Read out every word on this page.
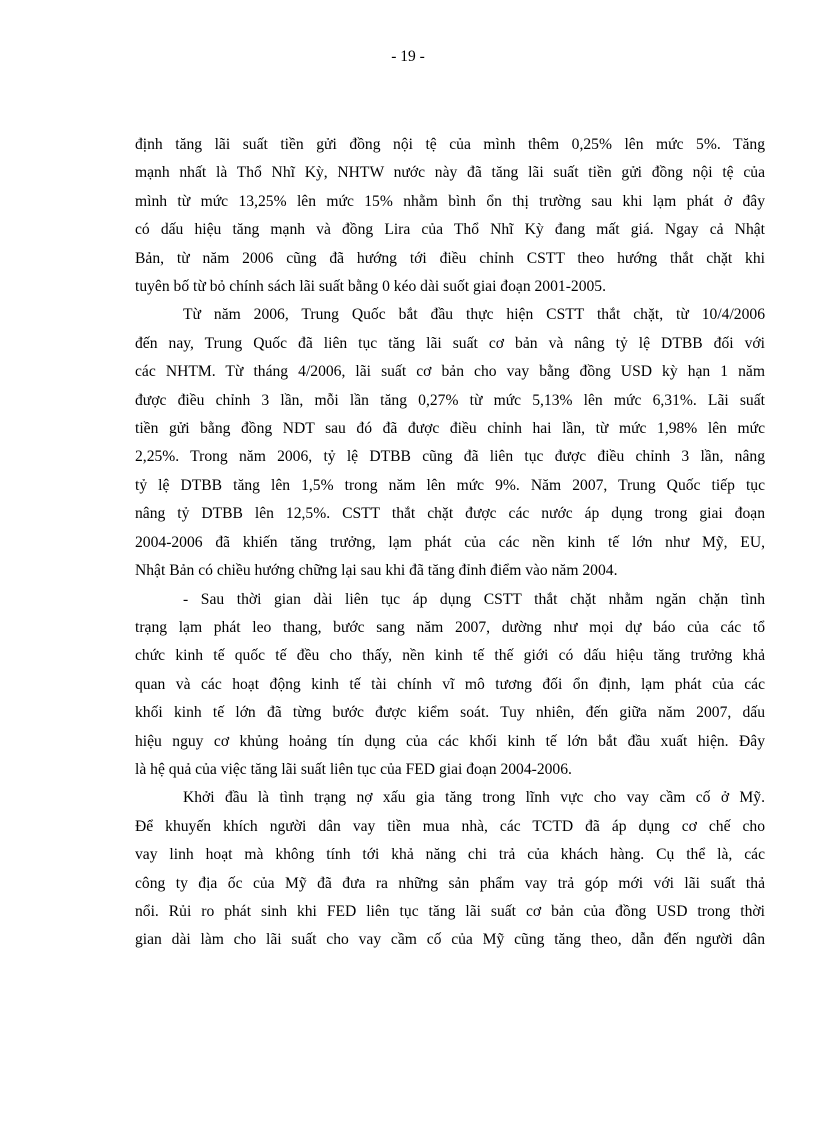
- 19 -

định tăng lãi suất tiền gửi đồng nội tệ của mình thêm 0,25% lên mức 5%. Tăng
mạnh nhất là Thổ Nhĩ Kỳ, NHTW nước này đã tăng lãi suất tiền gửi đồng nội tệ của
mình từ mức 13,25% lên mức 15% nhằm bình ổn thị trường sau khi lạm phát ở đây
có dấu hiệu tăng mạnh và đồng Lira của Thổ Nhĩ Kỳ đang mất giá. Ngay cả Nhật
Bản, từ năm 2006 cũng đã hướng tới điều chỉnh CSTT theo hướng thắt chặt khi
tuyên bố từ bỏ chính sách lãi suất bằng 0 kéo dài suốt giai đoạn 2001-2005.

Từ năm 2006, Trung Quốc bắt đầu thực hiện CSTT thắt chặt, từ 10/4/2006
đến nay, Trung Quốc đã liên tục tăng lãi suất cơ bản và nâng tỷ lệ DTBB đối với
các NHTM. Từ tháng 4/2006, lãi suất cơ bản cho vay bằng đồng USD kỳ hạn 1 năm
được điều chỉnh 3 lần, mỗi lần tăng 0,27% từ mức 5,13% lên mức 6,31%. Lãi suất
tiền gửi bằng đồng NDT sau đó đã được điều chỉnh hai lần, từ mức 1,98% lên mức
2,25%. Trong năm 2006, tỷ lệ DTBB cũng đã liên tục được điều chỉnh 3 lần, nâng
tỷ lệ DTBB tăng lên 1,5% trong năm lên mức 9%. Năm 2007, Trung Quốc tiếp tục
nâng tỷ DTBB lên 12,5%. CSTT thắt chặt được các nước áp dụng trong giai đoạn
2004-2006 đã khiến tăng trưởng, lạm phát của các nền kinh tế lớn như Mỹ, EU,
Nhật Bản có chiều hướng chững lại sau khi đã tăng đỉnh điểm vào năm 2004.

- Sau thời gian dài liên tục áp dụng CSTT thắt chặt nhằm ngăn chặn tình
trạng lạm phát leo thang, bước sang năm 2007, dường như mọi dự báo của các tổ
chức kinh tế quốc tế đều cho thấy, nền kinh tế thế giới có dấu hiệu tăng trưởng khả
quan và các hoạt động kinh tế tài chính vĩ mô tương đối ổn định, lạm phát của các
khối kinh tế lớn đã từng bước được kiểm soát. Tuy nhiên, đến giữa năm 2007, dấu
hiệu nguy cơ khủng hoảng tín dụng của các khối kinh tế lớn bắt đầu xuất hiện. Đây
là hệ quả của việc tăng lãi suất liên tục của FED giai đoạn 2004-2006.

Khởi đầu là tình trạng nợ xấu gia tăng trong lĩnh vực cho vay cầm cố ở Mỹ.
Để khuyến khích người dân vay tiền mua nhà, các TCTD đã áp dụng cơ chế cho
vay linh hoạt mà không tính tới khả năng chi trả của khách hàng. Cụ thể là, các
công ty địa ốc của Mỹ đã đưa ra những sản phẩm vay trả góp mới với lãi suất thả
nổi. Rủi ro phát sinh khi FED liên tục tăng lãi suất cơ bản của đồng USD trong thời
gian dài làm cho lãi suất cho vay cầm cố của Mỹ cũng tăng theo, dẫn đến người dân
